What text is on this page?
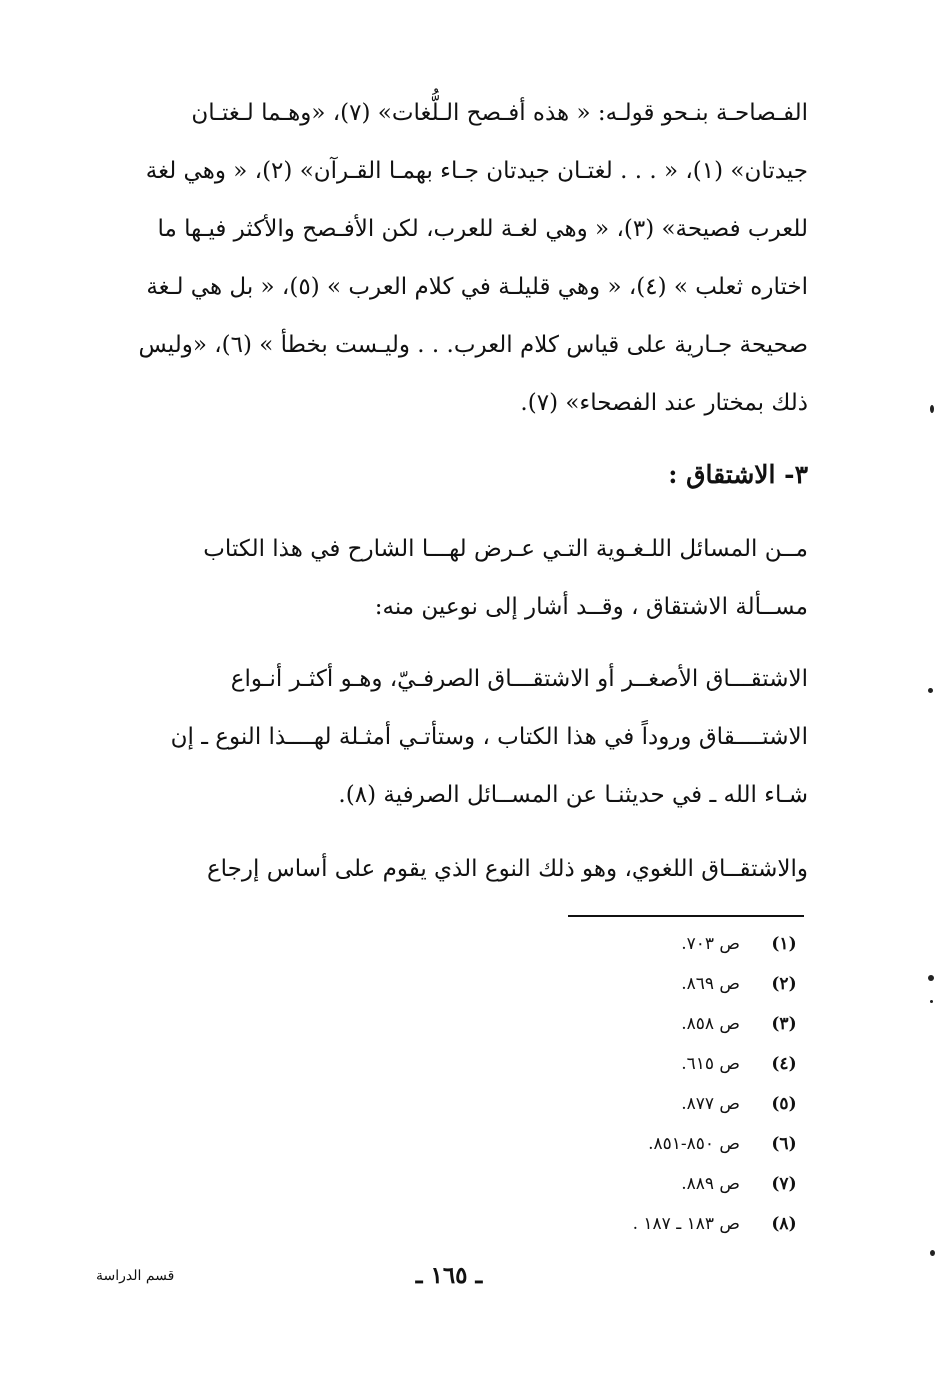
الفـصاحـة بنـحو قولـه: « هذه أفـصح الـلُّغات» (٧)، «وهـما لـغتـان
جيدتان» (١)، « . . . لغتـان جيدتان جـاء بهمـا القـرآن» (٢)، « وهي لغة
للعرب فصيحة» (٣)، « وهي لغـة للعرب، لكن الأفـصح والأكثر فيـها ما
اختاره ثعلب » (٤)، « وهي قليلـة في كلام العرب » (٥)، « بل هي لـغة
صحيحة جـارية على قياس كلام العرب. . . وليـست بخطأ » (٦)، «وليس
ذلك بمختار عند الفصحاء» (٧).
٣- الاشتقاق :
مــن المسائل اللـغـوية التـي عـرض لهـــا الشارح في هذا الكتاب
مســألة الاشتقاق ، وقــد أشار إلى نوعين منه:
الاشتقـــاق الأصغــر أو الاشتقـــاق الصرفـيّ، وهـو أكثـر أنـواع
الاشتــــقاق وروداً في هذا الكتاب ، وستأتـي أمثـلة لهــــذا النوع ـ إن
شـاء الله ـ في حديثنـا عن المســائل الصرفية (٨).
والاشتقــاق اللغوي، وهو ذلك النوع الذي يقوم على أساس إرجاع
(١)ص ٧٠٣.
(٢)ص ٨٦٩.
(٣)ص ٨٥٨.
(٤)ص ٦١٥.
(٥)ص ٨٧٧.
(٦)ص ٨٥٠-٨٥١.
(٧)ص ٨٨٩.
(٨)ص ١٨٣ ـ ١٨٧ .
ـ ١٦٥ ـ
قسم الدراسة
